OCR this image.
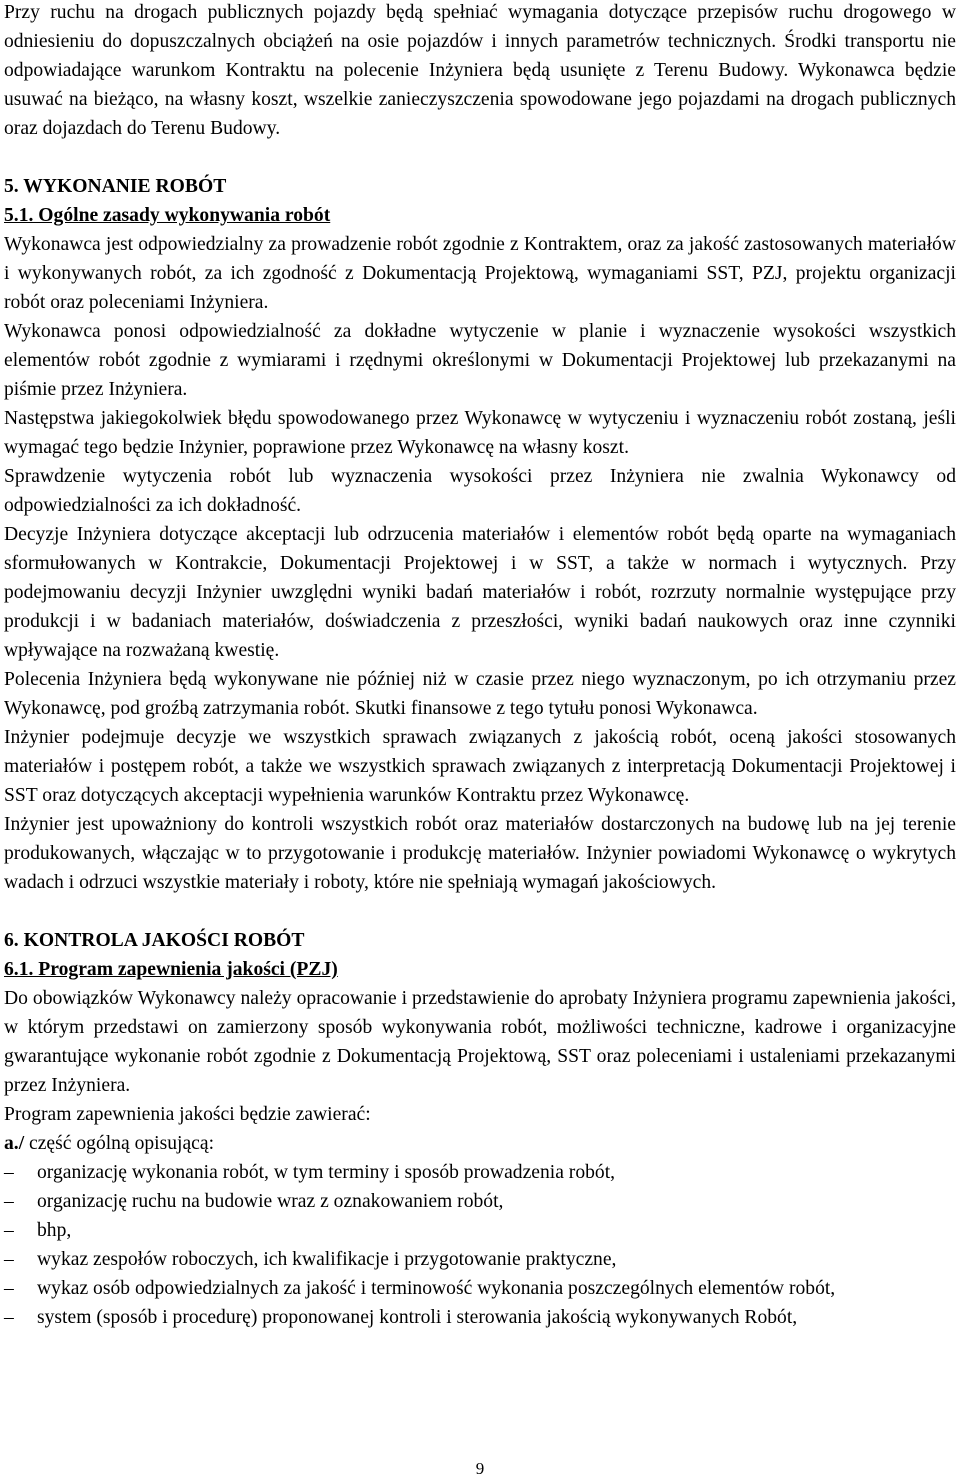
Przy ruchu na drogach publicznych pojazdy będą spełniać wymagania dotyczące przepisów ruchu drogowego w odniesieniu do dopuszczalnych obciążeń na osie pojazdów i innych parametrów technicznych. Środki transportu nie odpowiadające warunkom Kontraktu na polecenie Inżyniera będą usunięte z Terenu Budowy. Wykonawca będzie usuwać na bieżąco, na własny koszt, wszelkie zanieczyszczenia spowodowane jego pojazdami na drogach publicznych oraz dojazdach do Terenu Budowy.

5. WYKONANIE ROBÓT
5.1. Ogólne zasady wykonywania robót

Wykonawca jest odpowiedzialny za prowadzenie robót zgodnie z Kontraktem, oraz za jakość zastosowanych materiałów i wykonywanych robót, za ich zgodność z Dokumentacją Projektową, wymaganiami SST, PZJ, projektu organizacji robót oraz poleceniami Inżyniera.

Wykonawca ponosi odpowiedzialność za dokładne wytyczenie w planie i wyznaczenie wysokości wszystkich elementów robót zgodnie z wymiarami i rzędnymi określonymi w Dokumentacji Projektowej lub przekazanymi na piśmie przez Inżyniera.

Następstwa jakiegokolwiek błędu spowodowanego przez Wykonawcę w wytyczeniu i wyznaczeniu robót zostaną, jeśli wymagać tego będzie Inżynier, poprawione przez Wykonawcę na własny koszt.

Sprawdzenie wytyczenia robót lub wyznaczenia wysokości przez Inżyniera nie zwalnia Wykonawcy od odpowiedzialności za ich dokładność.

Decyzje Inżyniera dotyczące akceptacji lub odrzucenia materiałów i elementów robót będą oparte na wymaganiach sformułowanych w Kontrakcie, Dokumentacji Projektowej i w SST, a także w normach i wytycznych. Przy podejmowaniu decyzji Inżynier uwzględni wyniki badań materiałów i robót, rozrzuty normalnie występujące przy produkcji i w badaniach materiałów, doświadczenia z przeszłości, wyniki badań naukowych oraz inne czynniki wpływające na rozważaną kwestię.

Polecenia Inżyniera będą wykonywane nie później niż w czasie przez niego wyznaczonym, po ich otrzymaniu przez Wykonawcę, pod groźbą zatrzymania robót. Skutki finansowe z tego tytułu ponosi Wykonawca.

Inżynier podejmuje decyzje we wszystkich sprawach związanych z jakością robót, oceną jakości stosowanych materiałów i postępem robót, a także we wszystkich sprawach związanych z interpretacją Dokumentacji Projektowej i SST oraz dotyczących akceptacji wypełnienia warunków Kontraktu przez Wykonawcę.

Inżynier jest upoważniony do kontroli wszystkich robót oraz materiałów dostarczonych na budowę lub na jej terenie produkowanych, włączając w to przygotowanie i produkcję materiałów. Inżynier powiadomi Wykonawcę o wykrytych wadach i odrzuci wszystkie materiały i roboty, które nie spełniają wymagań jakościowych.

6. KONTROLA JAKOŚCI ROBÓT
6.1. Program zapewnienia jakości (PZJ)

Do obowiązków Wykonawcy należy opracowanie i przedstawienie do aprobaty Inżyniera programu zapewnienia jakości, w którym przedstawi on zamierzony sposób wykonywania robót, możliwości techniczne, kadrowe i organizacyjne gwarantujące wykonanie robót zgodnie z Dokumentacją Projektową, SST oraz poleceniami i ustaleniami przekazanymi przez Inżyniera.

Program zapewnienia jakości będzie zawierać:

a./ część ogólną opisującą:

– organizację wykonania robót, w tym terminy i sposób prowadzenia robót,
– organizację ruchu na budowie wraz z oznakowaniem robót,
– bhp,
– wykaz zespołów roboczych, ich kwalifikacje i przygotowanie praktyczne,
– wykaz osób odpowiedzialnych za jakość i terminowość wykonania poszczególnych elementów robót,
– system (sposób i procedurę) proponowanej kontroli i sterowania jakością wykonywanych Robót,
9
